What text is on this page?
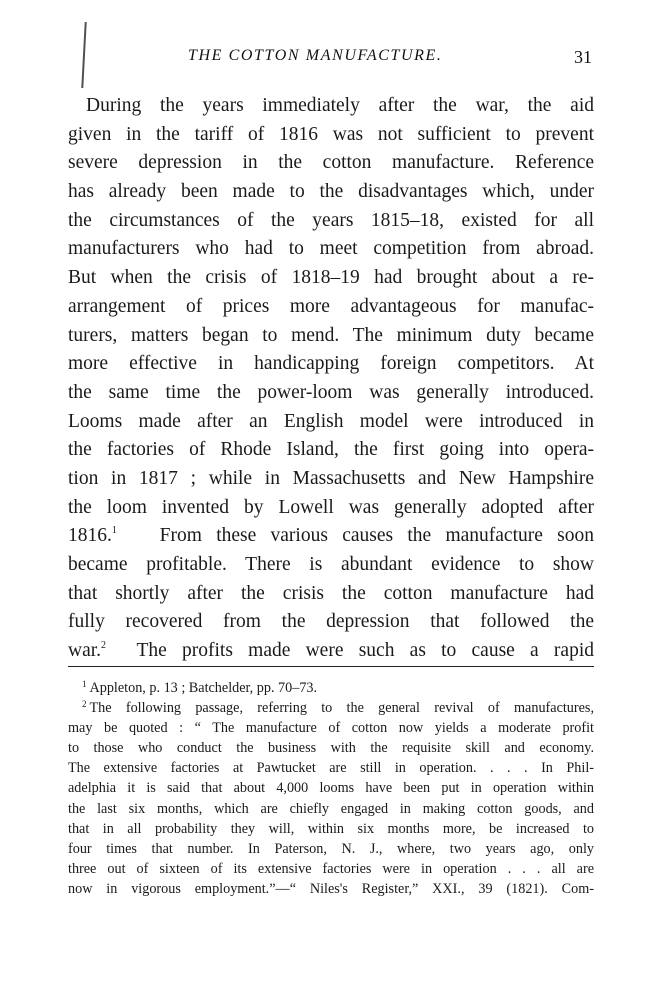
THE COTTON MANUFACTURE.	31
During the years immediately after the war, the aid
given in the tariff of 1816 was not sufficient to prevent
severe depression in the cotton manufacture. Reference
has already been made to the disadvantages which, under
the circumstances of the years 1815–18, existed for all
manufacturers who had to meet competition from abroad.
But when the crisis of 1818–19 had brought about a re-
arrangement of prices more advantageous for manufac-
turers, matters began to mend. The minimum duty became
more effective in handicapping foreign competitors. At
the same time the power-loom was generally introduced.
Looms made after an English model were introduced in
the factories of Rhode Island, the first going into opera-
tion in 1817 ; while in Massachusetts and New Hampshire
the loom invented by Lowell was generally adopted after
1816.$^1$ From these various causes the manufacture soon
became profitable. There is abundant evidence to show
that shortly after the crisis the cotton manufacture had
fully recovered from the depression that followed the
war.$^2$ The profits made were such as to cause a rapid
$^1$ Appleton, p. 13 ; Batchelder, pp. 70–73.
$^2$ The following passage, referring to the general revival of manufactures,
may be quoted : “ The manufacture of cotton now yields a moderate profit
to those who conduct the business with the requisite skill and economy.
The extensive factories at Pawtucket are still in operation. . . . In Phil-
adelphia it is said that about 4,000 looms have been put in operation within
the last six months, which are chiefly engaged in making cotton goods, and
that in all probability they will, within six months more, be increased to
four times that number. In Paterson, N. J., where, two years ago, only
three out of sixteen of its extensive factories were in operation . . . all are
now in vigorous employment.”—“ Niles's Register,” XXI., 39 (1821). Com-
